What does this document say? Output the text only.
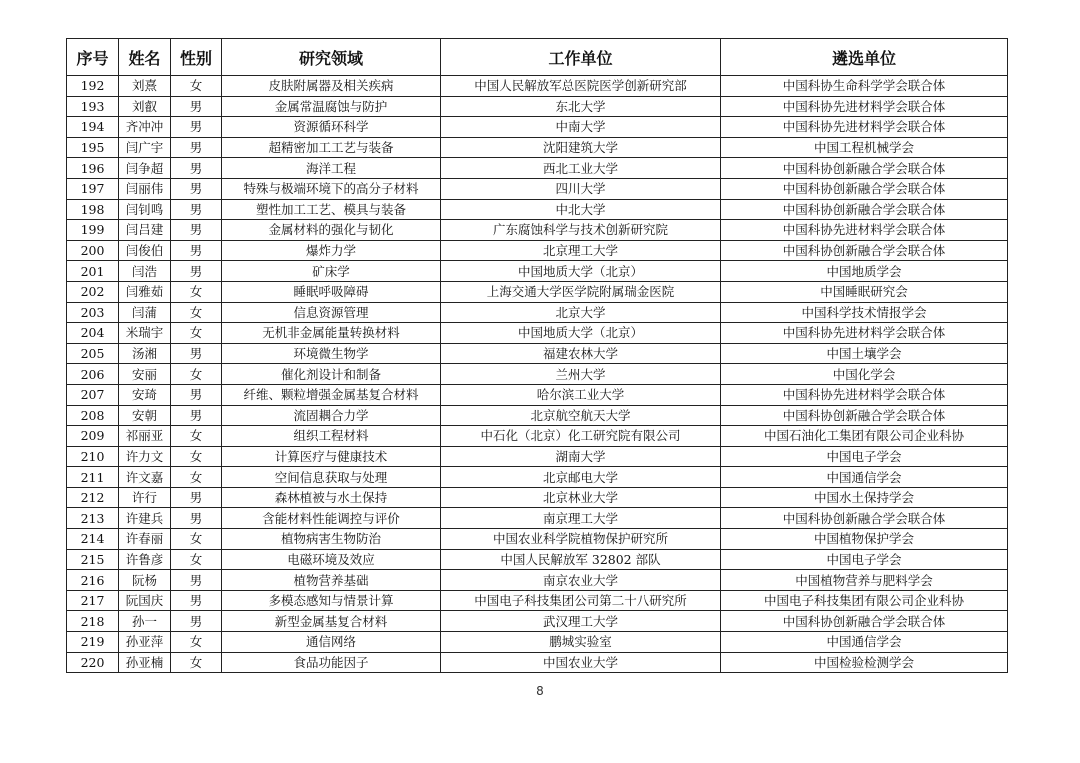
序号	姓名	性别	研究领域	工作单位	遴选单位
192	刘熹	女	皮肤附属器及相关疾病	中国人民解放军总医院医学创新研究部	中国科协生命科学学会联合体
193	刘叡	男	金属常温腐蚀与防护	东北大学	中国科协先进材料学会联合体
194	齐冲冲	男	资源循环科学	中南大学	中国科协先进材料学会联合体
195	闫广宇	男	超精密加工工艺与装备	沈阳建筑大学	中国工程机械学会
196	闫争超	男	海洋工程	西北工业大学	中国科协创新融合学会联合体
197	闫丽伟	男	特殊与极端环境下的高分子材料	四川大学	中国科协创新融合学会联合体
198	闫钊鸣	男	塑性加工工艺、模具与装备	中北大学	中国科协创新融合学会联合体
199	闫吕建	男	金属材料的强化与韧化	广东腐蚀科学与技术创新研究院	中国科协先进材料学会联合体
200	闫俊伯	男	爆炸力学	北京理工大学	中国科协创新融合学会联合体
201	闫浩	男	矿床学	中国地质大学（北京）	中国地质学会
202	闫雅茹	女	睡眠呼吸障碍	上海交通大学医学院附属瑞金医院	中国睡眠研究会
203	闫蒲	女	信息资源管理	北京大学	中国科学技术情报学会
204	米瑞宇	女	无机非金属能量转换材料	中国地质大学（北京）	中国科协先进材料学会联合体
205	汤湘	男	环境微生物学	福建农林大学	中国土壤学会
206	安丽	女	催化剂设计和制备	兰州大学	中国化学会
207	安琦	男	纤维、颗粒增强金属基复合材料	哈尔滨工业大学	中国科协先进材料学会联合体
208	安朝	男	流固耦合力学	北京航空航天大学	中国科协创新融合学会联合体
209	祁丽亚	女	组织工程材料	中石化（北京）化工研究院有限公司	中国石油化工集团有限公司企业科协
210	许力文	女	计算医疗与健康技术	湖南大学	中国电子学会
211	许文嘉	女	空间信息获取与处理	北京邮电大学	中国通信学会
212	许行	男	森林植被与水土保持	北京林业大学	中国水土保持学会
213	许建兵	男	含能材料性能调控与评价	南京理工大学	中国科协创新融合学会联合体
214	许春丽	女	植物病害生物防治	中国农业科学院植物保护研究所	中国植物保护学会
215	许鲁彦	女	电磁环境及效应	中国人民解放军 32802 部队	中国电子学会
216	阮杨	男	植物营养基础	南京农业大学	中国植物营养与肥料学会
217	阮国庆	男	多模态感知与情景计算	中国电子科技集团公司第二十八研究所	中国电子科技集团有限公司企业科协
218	孙一	男	新型金属基复合材料	武汉理工大学	中国科协创新融合学会联合体
219	孙亚萍	女	通信网络	鹏城实验室	中国通信学会
220	孙亚楠	女	食品功能因子	中国农业大学	中国检验检测学会
8
